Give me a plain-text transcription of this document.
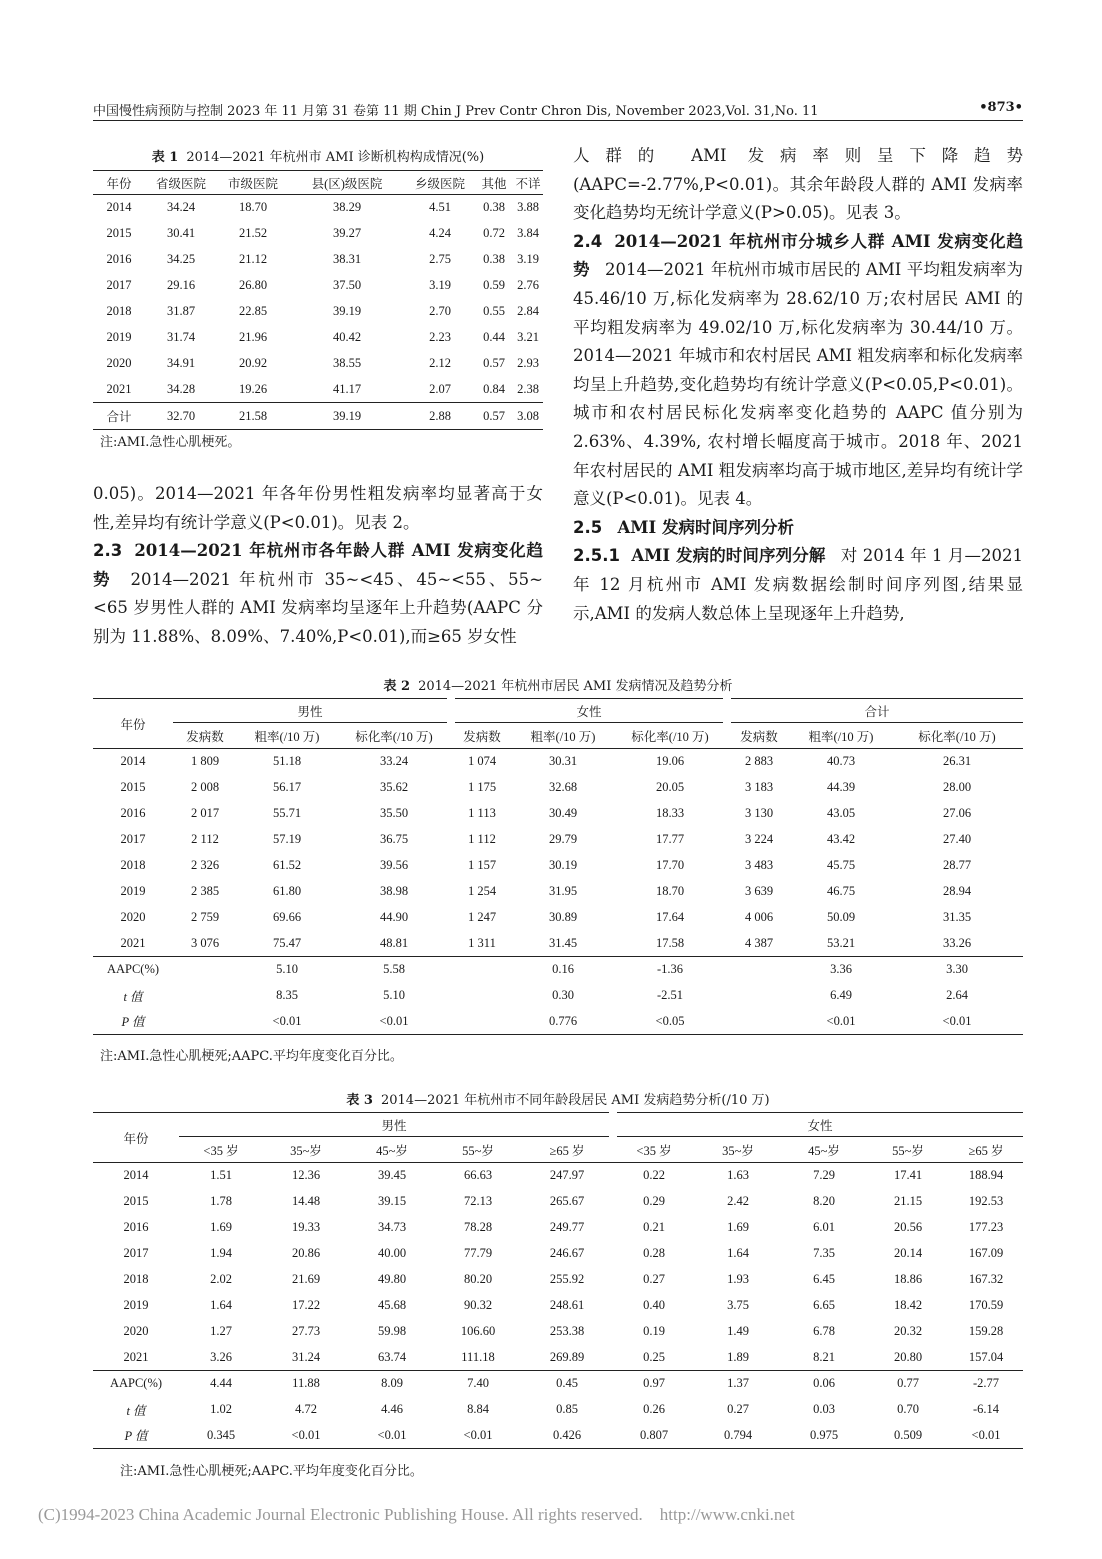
中国慢性病预防与控制 2023 年 11 月第 31 卷第 11 期 Chin J Prev Contr Chron Dis, November 2023,Vol. 31,No. 11	•873•
表 1 2014—2021 年杭州市 AMI 诊断机构构成情况(%)
年份	省级医院	市级医院	县(区)级医院	乡级医院	其他	不详
2014	34.24	18.70	38.29	4.51	0.38	3.88
2015	30.41	21.52	39.27	4.24	0.72	3.84
2016	34.25	21.12	38.31	2.75	0.38	3.19
2017	29.16	26.80	37.50	3.19	0.59	2.76
2018	31.87	22.85	39.19	2.70	0.55	2.84
2019	31.74	21.96	40.42	2.23	0.44	3.21
2020	34.91	20.92	38.55	2.12	0.57	2.93
2021	34.28	19.26	41.17	2.07	0.84	2.38
合计	32.70	21.58	39.19	2.88	0.57	3.08
注:AMI.急性心肌梗死。

0.05)。2014—2021 年各年份男性粗发病率均显著高于女性,差异均有统计学意义(P<0.01)。见表 2。

2.3 2014—2021 年杭州市各年龄人群 AMI 发病变化趋势 2014—2021 年杭州市 35~<45、45~<55、55~<65 岁男性人群的 AMI 发病率均呈逐年上升趋势(AAPC 分别为 11.88%、8.09%、7.40%,P<0.01),而≥65 岁女性

人群的 AMI 发病率则呈下降趋势(AAPC=-2.77%,P<0.01)。其余年龄段人群的 AMI 发病率变化趋势均无统计学意义(P>0.05)。见表 3。

2.4 2014—2021 年杭州市分城乡人群 AMI 发病变化趋势 2014—2021 年杭州市城市居民的 AMI 平均粗发病率为 45.46/10 万,标化发病率为 28.62/10 万;农村居民 AMI 的平均粗发病率为 49.02/10 万,标化发病率为 30.44/10 万。2014—2021 年城市和农村居民 AMI 粗发病率和标化发病率均呈上升趋势,变化趋势均有统计学意义(P<0.05,P<0.01)。城市和农村居民标化发病率变化趋势的 AAPC 值分别为 2.63%、4.39%, 农村增长幅度高于城市。2018 年、2021 年农村居民的 AMI 粗发病率均高于城市地区,差异均有统计学意义(P<0.01)。见表 4。

2.5 AMI 发病时间序列分析

2.5.1 AMI 发病的时间序列分解 对 2014 年 1 月—2021 年 12 月杭州市 AMI 发病数据绘制时间序列图,结果显示,AMI 的发病人数总体上呈现逐年上升趋势,

表 2 2014—2021 年杭州市居民 AMI 发病情况及趋势分析
年份	男性			女性			合计		
	发病数	粗率(/10 万)	标化率(/10 万)	发病数	粗率(/10 万)	标化率(/10 万)	发病数	粗率(/10 万)	标化率(/10 万)
2014	1 809	51.18	33.24	1 074	30.31	19.06	2 883	40.73	26.31
2015	2 008	56.17	35.62	1 175	32.68	20.05	3 183	44.39	28.00
2016	2 017	55.71	35.50	1 113	30.49	18.33	3 130	43.05	27.06
2017	2 112	57.19	36.75	1 112	29.79	17.77	3 224	43.42	27.40
2018	2 326	61.52	39.56	1 157	30.19	17.70	3 483	45.75	28.77
2019	2 385	61.80	38.98	1 254	31.95	18.70	3 639	46.75	28.94
2020	2 759	69.66	44.90	1 247	30.89	17.64	4 006	50.09	31.35
2021	3 076	75.47	48.81	1 311	31.45	17.58	4 387	53.21	33.26
AAPC(%)		5.10	5.58		0.16	-1.36		3.36	3.30
t 值		8.35	5.10		0.30	-2.51		6.49	2.64
P 值		<0.01	<0.01		0.776	<0.05		<0.01	<0.01
注:AMI.急性心肌梗死;AAPC.平均年度变化百分比。
表 3 2014—2021 年杭州市不同年龄段居民 AMI 发病趋势分析(/10 万)
年份	男性					女性				
	<35 岁	35~岁	45~岁	55~岁	≥65 岁	<35 岁	35~岁	45~岁	55~岁	≥65 岁
2014	1.51	12.36	39.45	66.63	247.97	0.22	1.63	7.29	17.41	188.94
2015	1.78	14.48	39.15	72.13	265.67	0.29	2.42	8.20	21.15	192.53
2016	1.69	19.33	34.73	78.28	249.77	0.21	1.69	6.01	20.56	177.23
2017	1.94	20.86	40.00	77.79	246.67	0.28	1.64	7.35	20.14	167.09
2018	2.02	21.69	49.80	80.20	255.92	0.27	1.93	6.45	18.86	167.32
2019	1.64	17.22	45.68	90.32	248.61	0.40	3.75	6.65	18.42	170.59
2020	1.27	27.73	59.98	106.60	253.38	0.19	1.49	6.78	20.32	159.28
2021	3.26	31.24	63.74	111.18	269.89	0.25	1.89	8.21	20.80	157.04
AAPC(%)	4.44	11.88	8.09	7.40	0.45	0.97	1.37	0.06	0.77	-2.77
t 值	1.02	4.72	4.46	8.84	0.85	0.26	0.27	0.03	0.70	-6.14
P 值	0.345	<0.01	<0.01	<0.01	0.426	0.807	0.794	0.975	0.509	<0.01
注:AMI.急性心肌梗死;AAPC.平均年度变化百分比。
(C)1994-2023 China Academic Journal Electronic Publishing House. All rights reserved.    http://www.cnki.net
